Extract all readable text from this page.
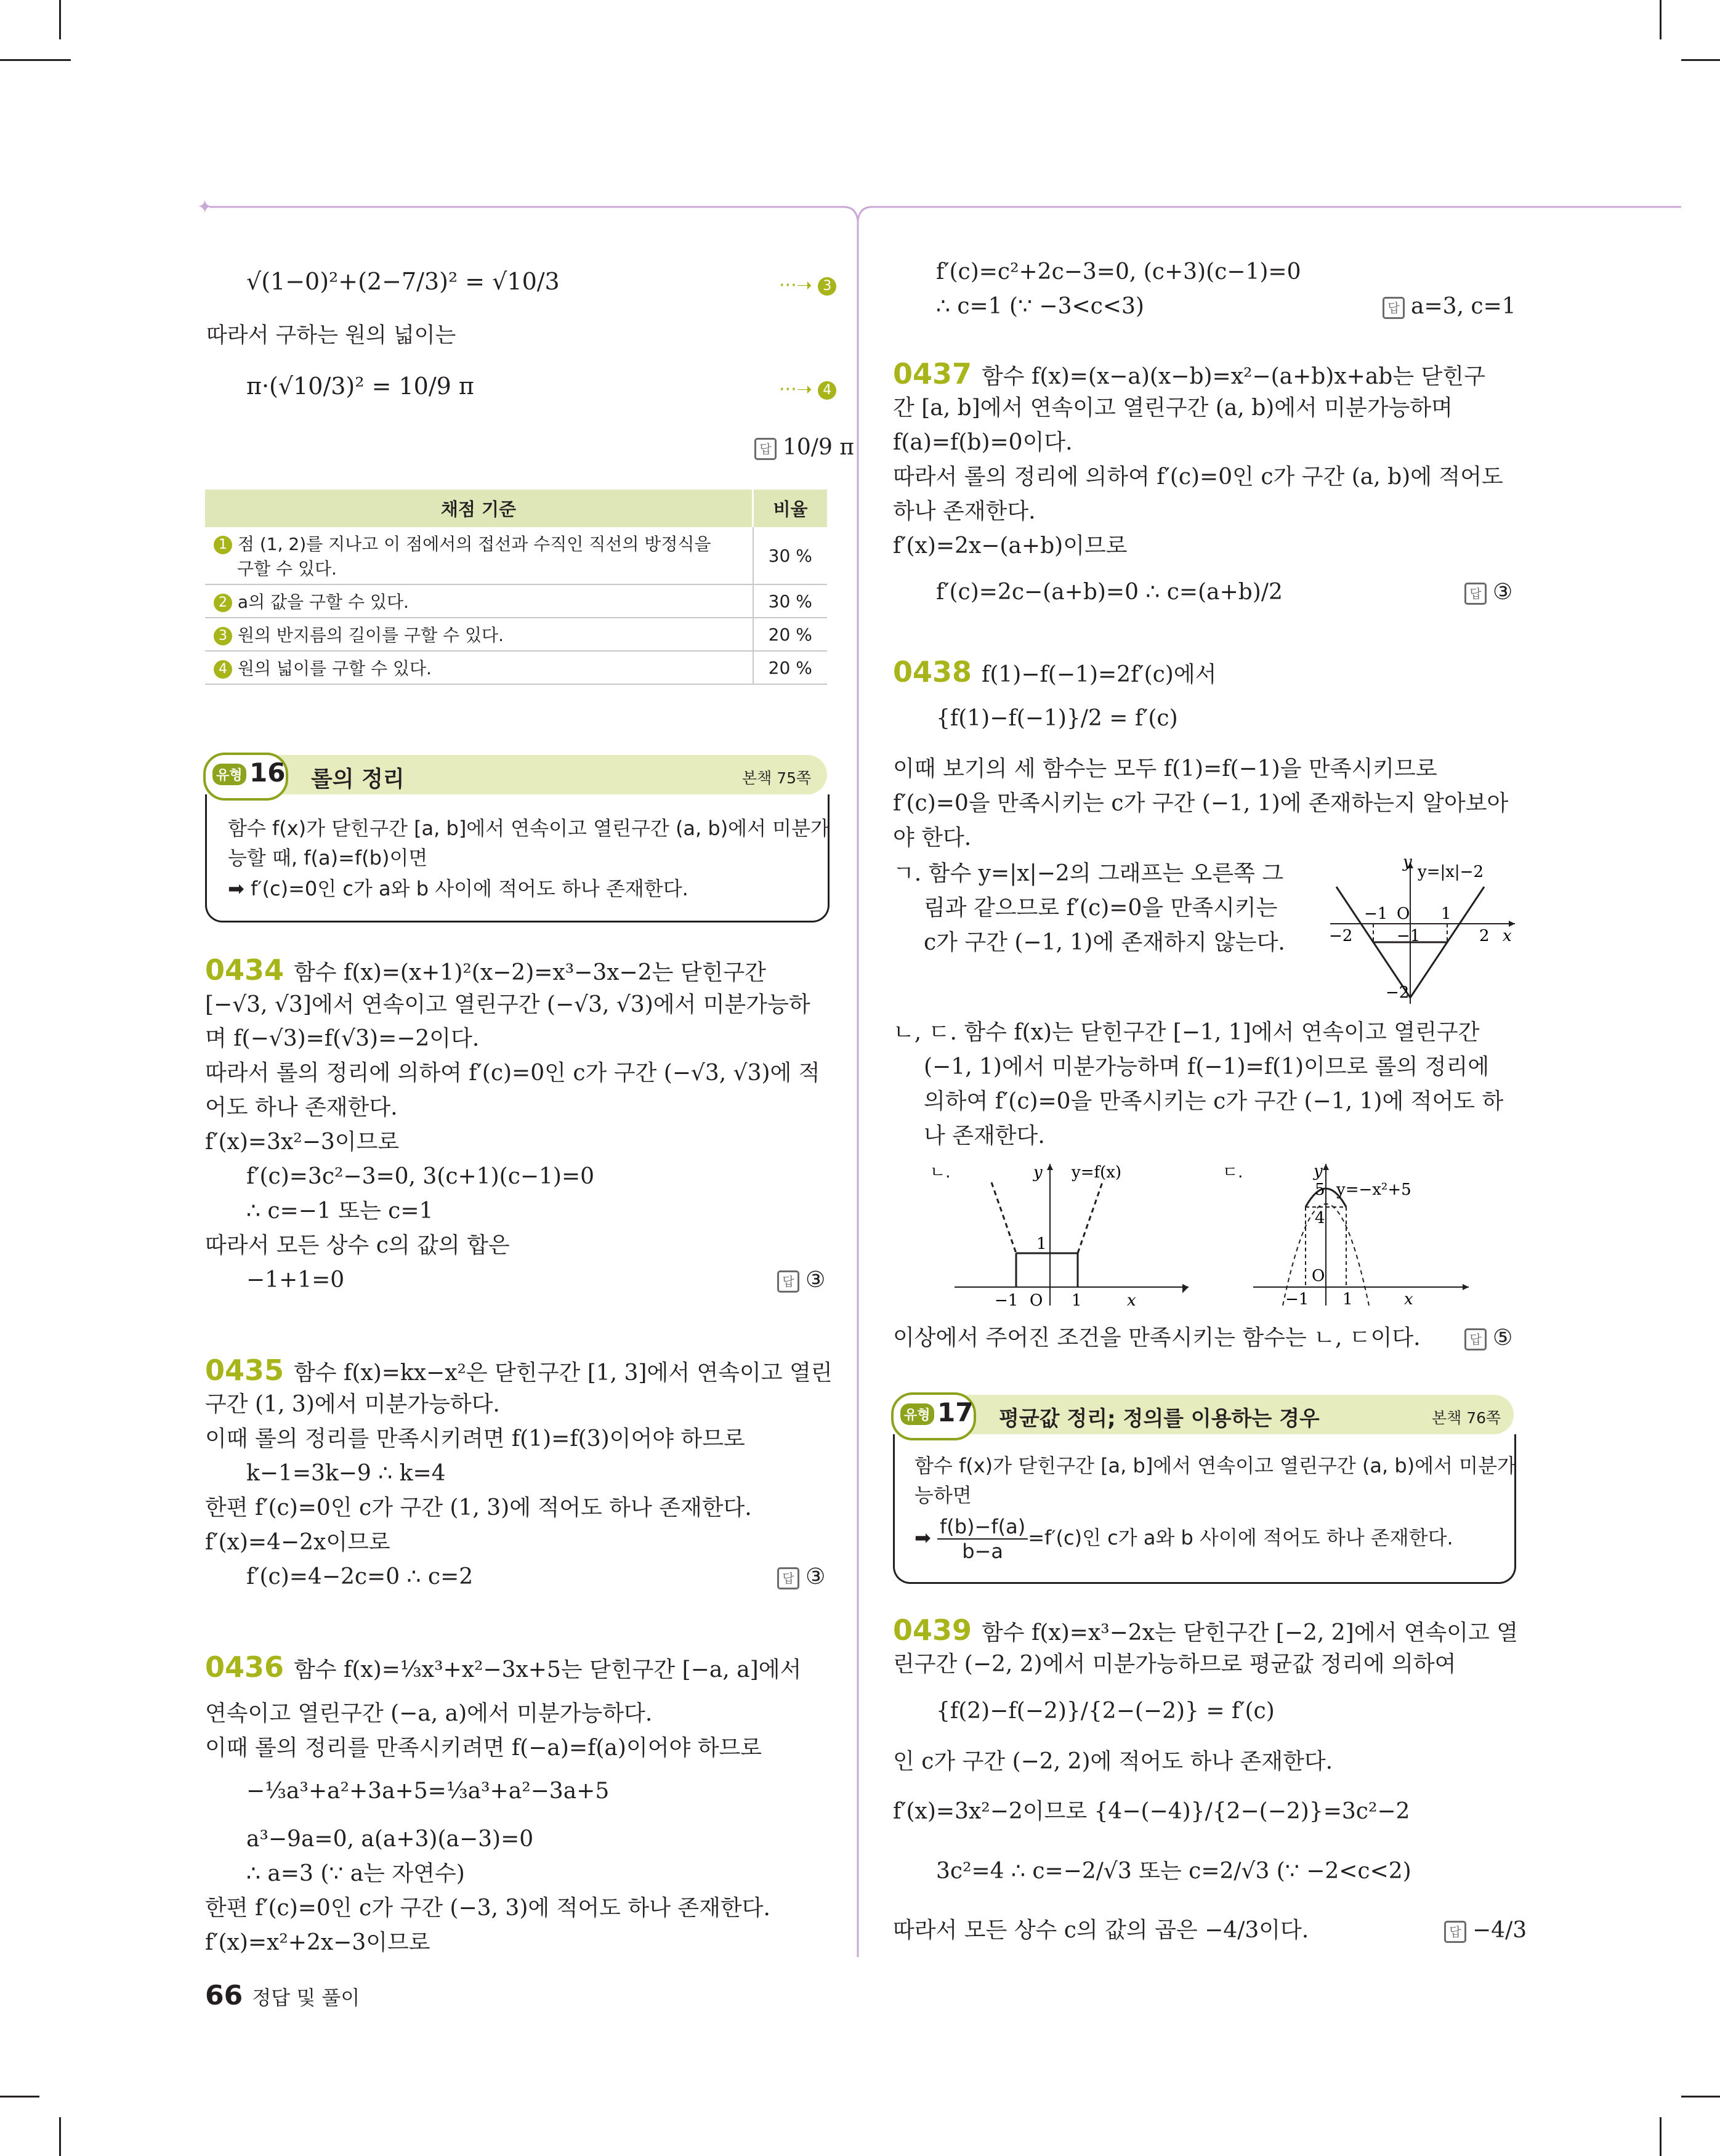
✦
√(1−0)²+(2−7/3)² = √10/3	···➝ 3
따라서 구하는 원의 넓이는
π·(√10/3)² = 10/9 π	···➝ 4
답 10/9 π
채점 기준	비율
1 점 (1, 2)를 지나고 이 점에서의 접선과 수직인 직선의 방정식을
구할 수 있다.	30 %
2 a의 값을 구할 수 있다.	30 %
3 원의 반지름의 길이를 구할 수 있다.	20 %
4 원의 넓이를 구할 수 있다.	20 %
유형 16 롤의 정리	본책 75쪽
함수 f(x)가 닫힌구간 [a, b]에서 연속이고 열린구간 (a, b)에서 미분가
능할 때, f(a)=f(b)이면
➡ f′(c)=0인 c가 a와 b 사이에 적어도 하나 존재한다.
0434 함수 f(x)=(x+1)²(x−2)=x³−3x−2는 닫힌구간
[−√3, √3]에서 연속이고 열린구간 (−√3, √3)에서 미분가능하
며 f(−√3)=f(√3)=−2이다.
따라서 롤의 정리에 의하여 f′(c)=0인 c가 구간 (−√3, √3)에 적
어도 하나 존재한다.
f′(x)=3x²−3이므로
f′(c)=3c²−3=0, 3(c+1)(c−1)=0
∴ c=−1 또는 c=1
따라서 모든 상수 c의 값의 합은
−1+1=0	답 ③
0435 함수 f(x)=kx−x²은 닫힌구간 [1, 3]에서 연속이고 열린
구간 (1, 3)에서 미분가능하다.
이때 롤의 정리를 만족시키려면 f(1)=f(3)이어야 하므로
k−1=3k−9 ∴ k=4
한편 f′(c)=0인 c가 구간 (1, 3)에 적어도 하나 존재한다.
f′(x)=4−2x이므로
f′(c)=4−2c=0 ∴ c=2	답 ③
0436 함수 f(x)=⅓x³+x²−3x+5는 닫힌구간 [−a, a]에서
연속이고 열린구간 (−a, a)에서 미분가능하다.
이때 롤의 정리를 만족시키려면 f(−a)=f(a)이어야 하므로
−⅓a³+a²+3a+5=⅓a³+a²−3a+5
a³−9a=0, a(a+3)(a−3)=0
∴ a=3 (∵ a는 자연수)
한편 f′(c)=0인 c가 구간 (−3, 3)에 적어도 하나 존재한다.
f′(x)=x²+2x−3이므로
66 정답 및 풀이
f′(c)=c²+2c−3=0, (c+3)(c−1)=0
∴ c=1 (∵ −3<c<3)	답 a=3, c=1
0437 함수 f(x)=(x−a)(x−b)=x²−(a+b)x+ab는 닫힌구
간 [a, b]에서 연속이고 열린구간 (a, b)에서 미분가능하며
f(a)=f(b)=0이다.
따라서 롤의 정리에 의하여 f′(c)=0인 c가 구간 (a, b)에 적어도
하나 존재한다.
f′(x)=2x−(a+b)이므로
f′(c)=2c−(a+b)=0 ∴ c=(a+b)/2	답 ③
0438 f(1)−f(−1)=2f′(c)에서
{f(1)−f(−1)}/2 = f′(c)
이때 보기의 세 함수는 모두 f(1)=f(−1)을 만족시키므로
f′(c)=0을 만족시키는 c가 구간 (−1, 1)에 존재하는지 알아보아
야 한다.
ㄱ. 함수 y=|x|−2의 그래프는 오른쪽 그
림과 같으므로 f′(c)=0을 만족시키는
c가 구간 (−1, 1)에 존재하지 않는다.
y
y=|x|−2
−1 O 1
−2	−1	2 x
−2
ㄴ, ㄷ. 함수 f(x)는 닫힌구간 [−1, 1]에서 연속이고 열린구간
(−1, 1)에서 미분가능하며 f(−1)=f(1)이므로 롤의 정리에
의하여 f′(c)=0을 만족시키는 c가 구간 (−1, 1)에 적어도 하
나 존재한다.
ㄴ.	y y=f(x)
1
−1 O 1	x
ㄷ.	y
5 y=−x²+5
4
O
−1 1	x
이상에서 주어진 조건을 만족시키는 함수는 ㄴ, ㄷ이다.	답 ⑤
유형 17 평균값 정리; 정의를 이용하는 경우	본책 76쪽
함수 f(x)가 닫힌구간 [a, b]에서 연속이고 열린구간 (a, b)에서 미분가
능하면
➡ $\frac{f(b)-f(a)}{b-a} =f'(c)$인 c가 a와 b 사이에 적어도 하나 존재한다.
0439 함수 f(x)=x³−2x는 닫힌구간 [−2, 2]에서 연속이고 열
린구간 (−2, 2)에서 미분가능하므로 평균값 정리에 의하여
{f(2)−f(−2)}/{2−(−2)} = f′(c)
인 c가 구간 (−2, 2)에 적어도 하나 존재한다.
f′(x)=3x²−2이므로 {4−(−4)}/{2−(−2)}=3c²−2
3c²=4 ∴ c=−2/√3 또는 c=2/√3 (∵ −2<c<2)
따라서 모든 상수 c의 값의 곱은 −4/3이다.	답 −4/3
